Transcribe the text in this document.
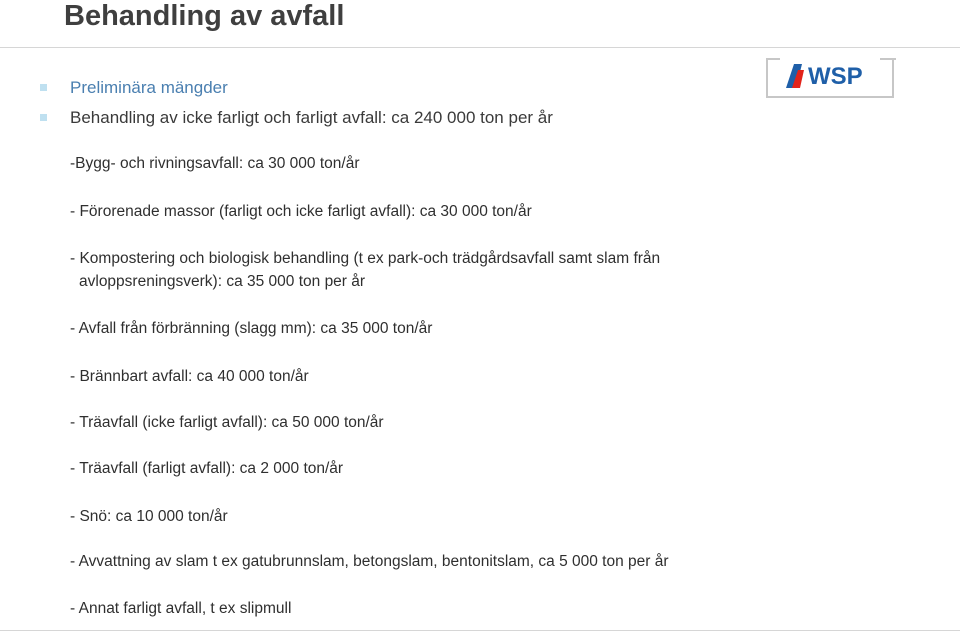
Behandling av avfall
WSP
Preliminära mängder
Behandling av icke farligt och farligt avfall: ca 240 000 ton per år
-Bygg- och rivningsavfall: ca 30 000 ton/år
- Förorenade massor (farligt och icke farligt avfall): ca 30 000 ton/år
- Kompostering och biologisk behandling (t ex park-och trädgårdsavfall samt slam från
avloppsreningsverk): ca 35 000 ton per år
- Avfall från förbränning (slagg mm): ca 35 000 ton/år
- Brännbart avfall: ca 40 000 ton/år
- Träavfall (icke farligt avfall): ca 50 000 ton/år
- Träavfall (farligt avfall): ca 2 000 ton/år
- Snö: ca 10 000 ton/år
- Avvattning av slam t ex gatubrunnslam, betongslam, bentonitslam, ca 5 000 ton per år
- Annat farligt avfall, t ex slipmull
